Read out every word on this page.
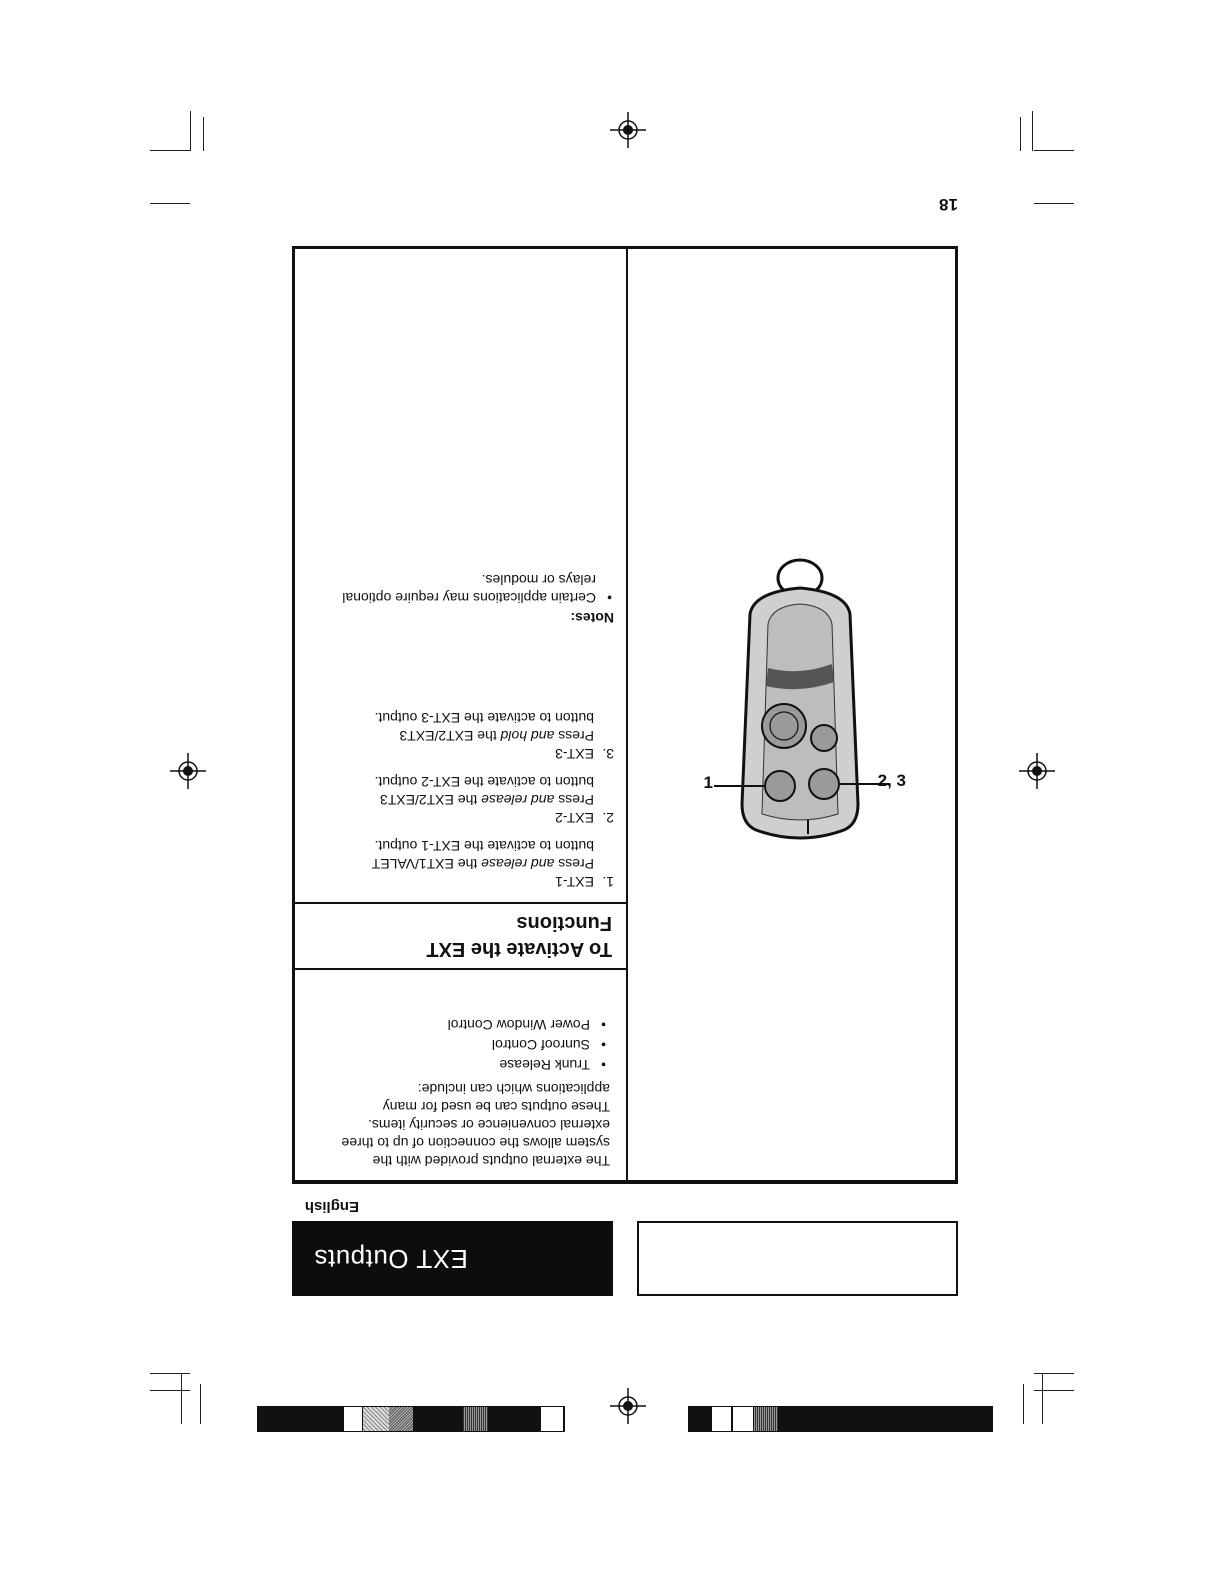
EXT Outputs
English
The external outputs provided with the
system allows the connection of up to three
external convenience or security items.
These outputs can be used for many
applications which can include:
• Trunk Release
• Sunroof Control
• Power Window Control
To Activate the EXT
Functions
1.
EXT-1
Press and release the EXT1/VALET
button to activate the EXT-1 output.
2.
EXT-2
Press and release the EXT2/EXT3
button to activate the EXT-2 output.
3.
EXT-3
Press and hold the EXT2/EXT3
button to activate the EXT-3 output.
Notes:
• Certain applications may require optional
relays or modules.
1	2, 3
18
